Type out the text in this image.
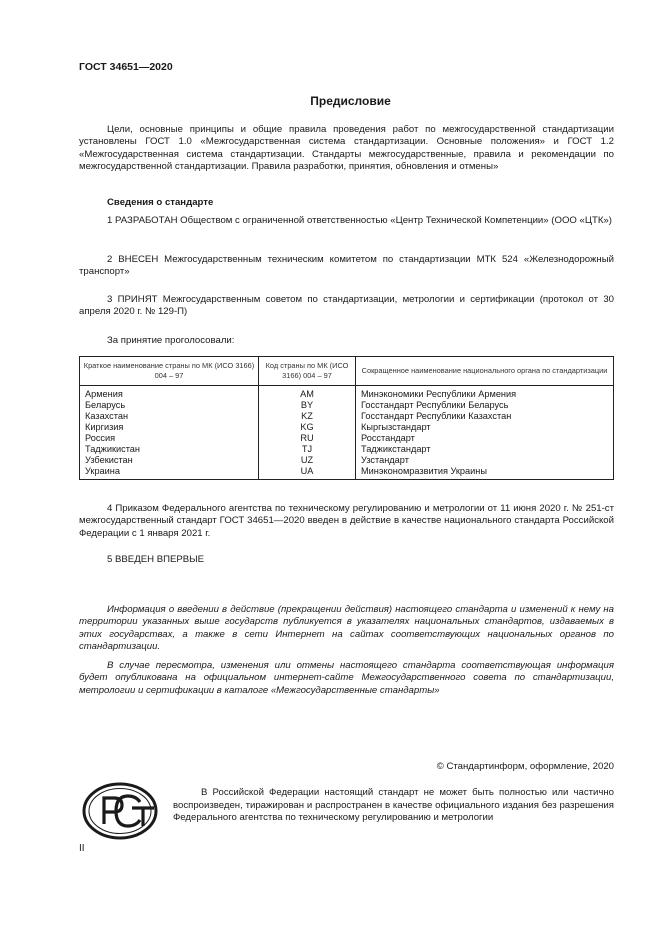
ГОСТ 34651—2020
Предисловие
Цели, основные принципы и общие правила проведения работ по межгосударственной стандартизации установлены ГОСТ 1.0 «Межгосударственная система стандартизации. Основные положения» и ГОСТ 1.2 «Межгосударственная система стандартизации. Стандарты межгосударственные, правила и рекомендации по межгосударственной стандартизации. Правила разработки, принятия, обновления и отмены»
Сведения о стандарте
1 РАЗРАБОТАН Обществом с ограниченной ответственностью «Центр Технической Компетенции» (ООО «ЦТК»)
2 ВНЕСЕН Межгосударственным техническим комитетом по стандартизации МТК 524 «Железнодорожный транспорт»
3 ПРИНЯТ Межгосударственным советом по стандартизации, метрологии и сертификации (протокол от 30 апреля 2020 г. № 129-П)
За принятие проголосовали:
Краткое наименование страны по МК (ИСО 3166) 004 – 97	Код страны по МК (ИСО 3166) 004 – 97	Сокращенное наименование национального органа по стандартизации
Армения	AM	Минэкономики Республики Армения
Беларусь	BY	Госстандарт Республики Беларусь
Казахстан	KZ	Госстандарт Республики Казахстан
Киргизия	KG	Кыргызстандарт
Россия	RU	Росстандарт
Таджикистан	TJ	Таджикстандарт
Узбекистан	UZ	Узстандарт
Украина	UA	Минэкономразвития Украины
4 Приказом Федерального агентства по техническому регулированию и метрологии от 11 июня 2020 г. № 251-ст межгосударственный стандарт ГОСТ 34651—2020 введен в действие в качестве национального стандарта Российской Федерации с 1 января 2021 г.
5 ВВЕДЕН ВПЕРВЫЕ
Информация о введении в действие (прекращении действия) настоящего стандарта и изменений к нему на территории указанных выше государств публикуется в указателях национальных стандартов, издаваемых в этих государствах, а также в сети Интернет на сайтах соответствующих национальных органов по стандартизации.
В случае пересмотра, изменения или отмены настоящего стандарта соответствующая информация будет опубликована на официальном интернет-сайте Межгосударственного совета по стандартизации, метрологии и сертификации в каталоге «Межгосударственные стандарты»
© Стандартинформ, оформление, 2020
В Российской Федерации настоящий стандарт не может быть полностью или частично воспроизведен, тиражирован и распространен в качестве официального издания без разрешения Федерального агентства по техническому регулированию и метрологии
II
